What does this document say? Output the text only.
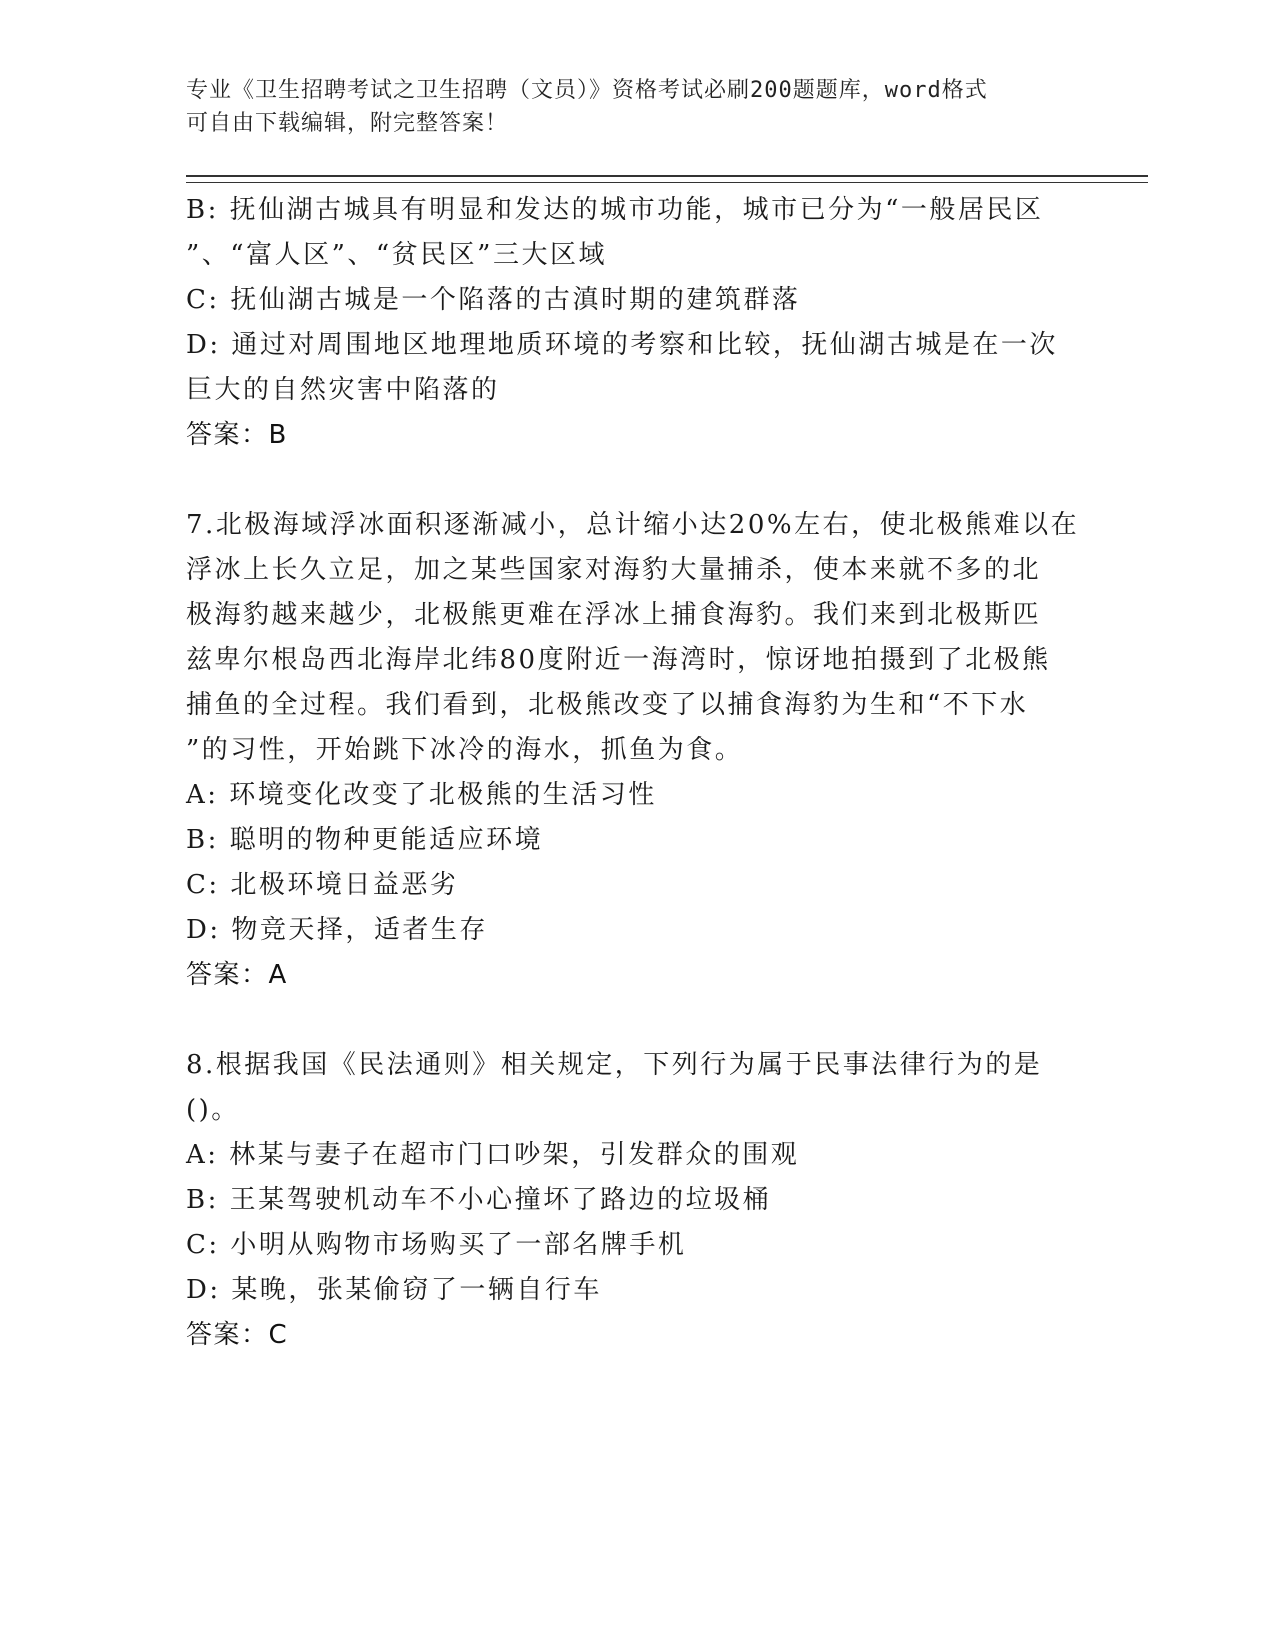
专业《卫生招聘考试之卫生招聘（文员）》资格考试必刷200题题库，word格式
可自由下载编辑，附完整答案！
B: 抚仙湖古城具有明显和发达的城市功能，城市已分为“一般居民区
”、“富人区”、“贫民区”三大区域
C: 抚仙湖古城是一个陷落的古滇时期的建筑群落
D: 通过对周围地区地理地质环境的考察和比较，抚仙湖古城是在一次
巨大的自然灾害中陷落的
答案：B
7.北极海域浮冰面积逐渐减小，总计缩小达20%左右，使北极熊难以在
浮冰上长久立足，加之某些国家对海豹大量捕杀，使本来就不多的北
极海豹越来越少，北极熊更难在浮冰上捕食海豹。我们来到北极斯匹
兹卑尔根岛西北海岸北纬80度附近一海湾时，惊讶地拍摄到了北极熊
捕鱼的全过程。我们看到，北极熊改变了以捕食海豹为生和“不下水
”的习性，开始跳下冰冷的海水，抓鱼为食。
A: 环境变化改变了北极熊的生活习性
B: 聪明的物种更能适应环境
C: 北极环境日益恶劣
D: 物竞天择，适者生存
答案：A
8.根据我国《民法通则》相关规定，下列行为属于民事法律行为的是
()。
A: 林某与妻子在超市门口吵架，引发群众的围观
B: 王某驾驶机动车不小心撞坏了路边的垃圾桶
C: 小明从购物市场购买了一部名牌手机
D: 某晚，张某偷窃了一辆自行车
答案：C
